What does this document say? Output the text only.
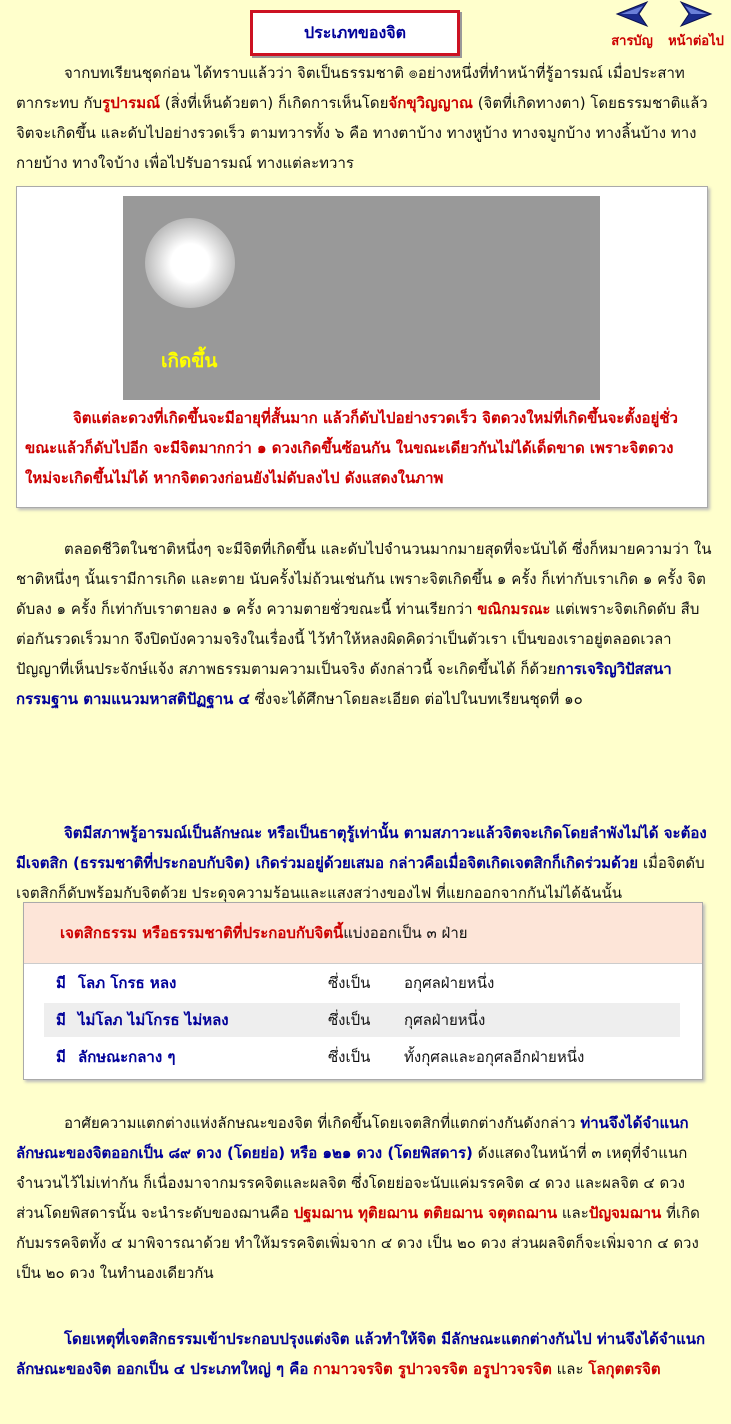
ประเภทของจิต	สารบัญ	หน้าต่อไป

จากบทเรียนชุดก่อน ได้ทราบแล้วว่า จิตเป็นธรรมชาติ ๏อย่างหนึ่งที่ทำหน้าที่รู้อารมณ์ เมื่อประสาทตากระทบ กับรูปารมณ์ (สิ่งที่เห็นด้วยตา) ก็เกิดการเห็นโดยจักขุวิญญาณ (จิตที่เกิดทางตา) โดยธรรมชาติแล้ว จิตจะเกิดขึ้น และดับไปอย่างรวดเร็ว ตามทวารทั้ง ๖ คือ ทางตาบ้าง ทางหูบ้าง ทางจมูกบ้าง ทางลิ้นบ้าง ทางกายบ้าง ทางใจบ้าง เพื่อไปรับอารมณ์ ทางแต่ละทวาร

เกิดขึ้น

จิตแต่ละดวงที่เกิดขึ้นจะมีอายุที่สั้นมาก แล้วก็ดับไปอย่างรวดเร็ว จิตดวงใหม่ที่เกิดขึ้นจะตั้งอยู่ชั่วขณะแล้วก็ดับไปอีก จะมีจิตมากกว่า ๑ ดวงเกิดขึ้นซ้อนกัน ในขณะเดียวกันไม่ได้เด็ดขาด เพราะจิตดวงใหม่จะเกิดขึ้นไม่ได้ หากจิตดวงก่อนยังไม่ดับลงไป ดังแสดงในภาพ

ตลอดชีวิตในชาติหนึ่งๆ จะมีจิตที่เกิดขึ้น และดับไปจำนวนมากมายสุดที่จะนับได้ ซึ่งก็หมายความว่า ในชาติหนึ่งๆ นั้นเรามีการเกิด และตาย นับครั้งไม่ถ้วนเช่นกัน เพราะจิตเกิดขึ้น ๑ ครั้ง ก็เท่ากับเราเกิด ๑ ครั้ง จิตดับลง ๑ ครั้ง ก็เท่ากับเราตายลง ๑ ครั้ง ความตายชั่วขณะนี้ ท่านเรียกว่า ขณิกมรณะ แต่เพราะจิตเกิดดับ สืบต่อกันรวดเร็วมาก จึงปิดบังความจริงในเรื่องนี้ ไว้ทำให้หลงผิดคิดว่าเป็นตัวเรา เป็นของเราอยู่ตลอดเวลา ปัญญาที่เห็นประจักษ์แจ้ง สภาพธรรมตามความเป็นจริง ดังกล่าวนี้ จะเกิดขึ้นได้ ก็ด้วยการเจริญวิปัสสนากรรมฐาน ตามแนวมหาสติปัฏฐาน ๔ ซึ่งจะได้ศึกษาโดยละเอียด ต่อไปในบทเรียนชุดที่ ๑๐

จิตมีสภาพรู้อารมณ์เป็นลักษณะ หรือเป็นธาตุรู้เท่านั้น ตามสภาวะแล้วจิตจะเกิดโดยลำพังไม่ได้ จะต้องมีเจตสิก (ธรรมชาติที่ประกอบกับจิต) เกิดร่วมอยู่ด้วยเสมอ กล่าวคือเมื่อจิตเกิดเจตสิกก็เกิดร่วมด้วย เมื่อจิตดับ เจตสิกก็ดับพร้อมกับจิตด้วย ประดุจความร้อนและแสงสว่างของไฟ ที่แยกออกจากกันไม่ได้ฉันนั้น

เจตสิกธรรม หรือธรรมชาติที่ประกอบกับจิตนี้ แบ่งออกเป็น ๓ ฝ่าย
มี โลภ โกรธ หลง	ซึ่งเป็น	อกุศลฝ่ายหนึ่ง
มี ไม่โลภ ไม่โกรธ ไม่หลง	ซึ่งเป็น	กุศลฝ่ายหนึ่ง
มี ลักษณะกลาง ๆ	ซึ่งเป็น	ทั้งกุศลและอกุศลอีกฝ่ายหนึ่ง

อาศัยความแตกต่างแห่งลักษณะของจิต ที่เกิดขึ้นโดยเจตสิกที่แตกต่างกันดังกล่าว ท่านจึงได้จำแนกลักษณะของจิตออกเป็น ๘๙ ดวง (โดยย่อ) หรือ ๑๒๑ ดวง (โดยพิสดาร) ดังแสดงในหน้าที่ ๓ เหตุที่จำแนกจำนวนไว้ไม่เท่ากัน ก็เนื่องมาจากมรรคจิตและผลจิต ซึ่งโดยย่อจะนับแค่มรรคจิต ๔ ดวง และผลจิต ๔ ดวง ส่วนโดยพิสดารนั้น จะนำระดับของฌานคือ ปฐมฌาน ทุติยฌาน ตติยฌาน จตุตถฌาน และปัญจมฌาน ที่เกิดกับมรรคจิตทั้ง ๔ มาพิจารณาด้วย ทำให้มรรคจิตเพิ่มจาก ๔ ดวง เป็น ๒๐ ดวง ส่วนผลจิตก็จะเพิ่มจาก ๔ ดวง เป็น ๒๐ ดวง ในทำนองเดียวกัน

โดยเหตุที่เจตสิกธรรมเข้าประกอบปรุงแต่งจิต แล้วทำให้จิต มีลักษณะแตกต่างกันไป ท่านจึงได้จำแนก ลักษณะของจิต ออกเป็น ๔ ประเภทใหญ่ ๆ คือ กามาวจรจิต รูปาวจรจิต อรูปาวจรจิต และ โลกุตตรจิต
